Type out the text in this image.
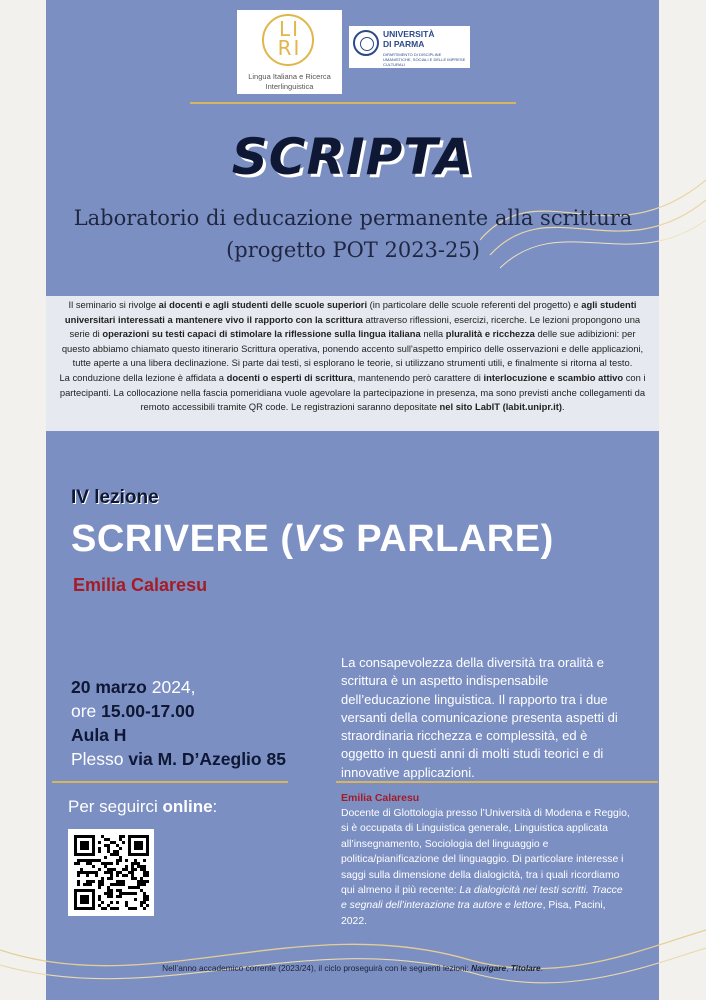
LI
RI
Lingua Italiana e Ricerca
Interlinguistica
UNIVERSITÀ
DI PARMA
DIPARTIMENTO DI DISCIPLINE UMANISTICHE, SOCIALI E DELLE IMPRESE CULTURALI
SCRIPTA
Laboratorio di educazione permanente alla scrittura
(progetto POT 2023-25)

Il seminario si rivolge ai docenti e agli studenti delle scuole superiori (in particolare delle scuole referenti del progetto) e agli studenti universitari interessati a mantenere vivo il rapporto con la scrittura attraverso riflessioni, esercizi, ricerche. Le lezioni propongono una serie di operazioni su testi capaci di stimolare la riflessione sulla lingua italiana nella pluralità e ricchezza delle sue adibizioni: per questo abbiamo chiamato questo itinerario Scrittura operativa, ponendo accento sull'aspetto empirico delle osservazioni e delle applicazioni, tutte aperte a una libera declinazione. Si parte dai testi, si esplorano le teorie, si utilizzano strumenti utili, e finalmente si ritorna al testo.

La conduzione della lezione è affidata a docenti o esperti di scrittura, mantenendo però carattere di interlocuzione e scambio attivo con i partecipanti. La collocazione nella fascia pomeridiana vuole agevolare la partecipazione in presenza, ma sono previsti anche collegamenti da remoto accessibili tramite QR code. Le registrazioni saranno depositate nel sito LabIT (labit.unipr.it).

IV lezione
SCRIVERE (VS PARLARE)
Emilia Calaresu
20 marzo 2024,
ore 15.00-17.00
Aula H
Plesso via M. D’Azeglio 85
La consapevolezza della diversità tra oralità e scrittura è un aspetto indispensabile dell’educazione linguistica. Il rapporto tra i due versanti della comunicazione presenta aspetti di straordinaria ricchezza e complessità, ed è oggetto in questi anni di molti studi teorici e di innovative applicazioni.
Per seguirci online:	Emilia Calaresu
Docente di Glottologia presso l’Università di Modena e Reggio, si è occupata di Linguistica generale, Linguistica applicata all’insegnamento, Sociologia del linguaggio e politica/pianificazione del linguaggio. Di particolare interesse i saggi sulla dimensione della dialogicità, tra i quali ricordiamo qui almeno il più recente: La dialogicità nei testi scritti. Tracce e segnali dell’interazione tra autore e lettore, Pisa, Pacini, 2022.
Nell’anno accademico corrente (2023/24), il ciclo proseguirà con le seguenti lezioni: Navigare, Titolare.
